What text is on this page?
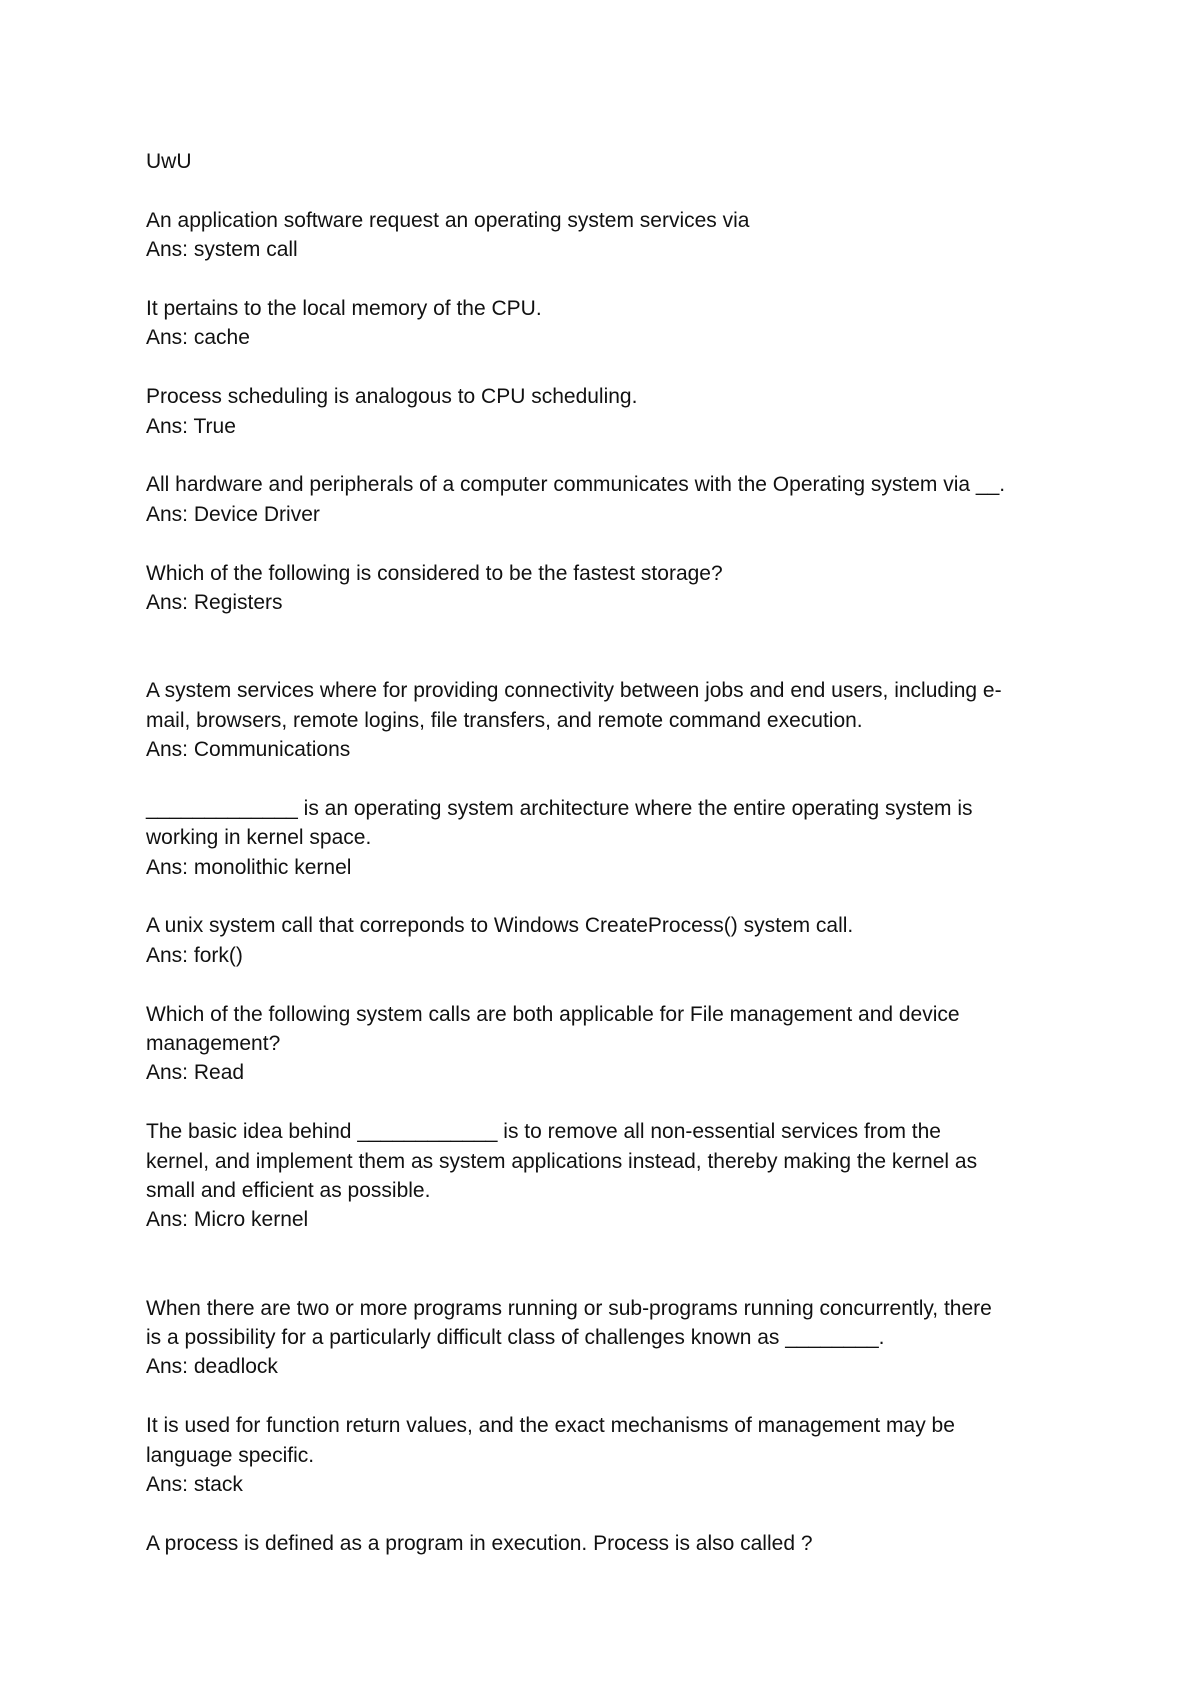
UwU
An application software request an operating system services via
Ans: system call
It pertains to the local memory of the CPU.
Ans: cache
Process scheduling is analogous to CPU scheduling.
Ans: True
All hardware and peripherals of a computer communicates with the Operating system via __.
Ans: Device Driver
Which of the following is considered to be the fastest storage?
Ans: Registers
A system services where for providing connectivity between jobs and end users, including e-
mail, browsers, remote logins, file transfers, and remote command execution.
Ans: Communications
_____________ is an operating system architecture where the entire operating system is
working in kernel space.
Ans: monolithic kernel
A unix system call that correponds to Windows CreateProcess() system call.
Ans: fork()
Which of the following system calls are both applicable for File management and device
management?
Ans: Read
The basic idea behind ____________ is to remove all non-essential services from the
kernel, and implement them as system applications instead, thereby making the kernel as
small and efficient as possible.
Ans: Micro kernel
When there are two or more programs running or sub-programs running concurrently, there
is a possibility for a particularly difficult class of challenges known as ________.
Ans: deadlock
It is used for function return values, and the exact mechanisms of management may be
language specific.
Ans: stack
A process is defined as a program in execution. Process is also called ?
